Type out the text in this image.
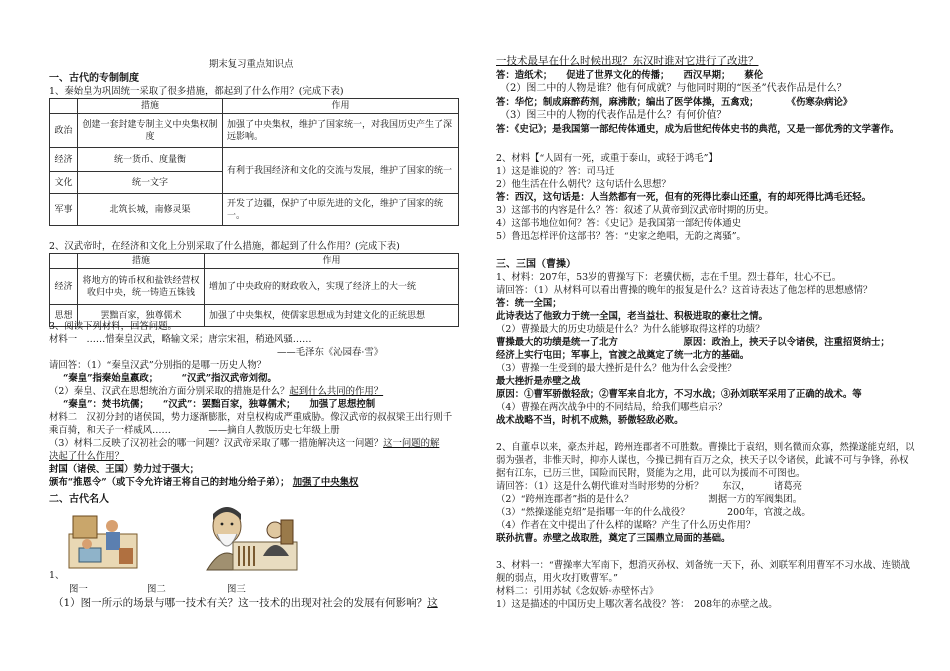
期末复习重点知识点
一、古代的专制制度
1、秦始皇为巩固统一采取了很多措施，都起到了什么作用？(完成下表)
	措施	作用
政治	创建一套封建专制主义中央集权制度	加强了中央集权，维护了国家统一，对我国历史产生了深远影响。
经济	统一货币、度量衡	有利于我国经济和文化的交流与发展，维护了国家的统一
文化	统一文字	
军事	北筑长城，南修灵渠	开发了边疆，保护了中原先进的文化，维护了国家的统一。
2、汉武帝时，在经济和文化上分别采取了什么措施，都起到了什么作用？(完成下表)
	措施	作用
经济	将地方的铸币权和盐铁经营权收归中央，统一铸造五铢钱	增加了中央政府的财政收入，实现了经济上的大一统
思想	罢黜百家，独尊儒术	加强了中央集权，使儒家思想成为封建文化的正统思想
3、阅读下列材料，回答问题。
材料一　……惜秦皇汉武，略输文采；唐宗宋祖，稍逊风骚……
——毛泽东《沁园春·雪》
请回答：（1）“秦皇汉武”分别指的是哪一历史人物？
“秦皇”指秦始皇嬴政；　　　“汉武”指汉武帝刘彻。
（2）秦皇、汉武在思想统治方面分别采取的措施是什么？起到什么共同的作用？
“秦皇”：焚书坑儒；　　“汉武”：罢黜百家，独尊儒术；　　加强了思想控制
材料二　汉初分封的诸侯国，势力逐渐膨胀，对皇权构成严重威胁。像汉武帝的叔叔梁王出行则千
乘百骑，和天子一样威风……　　　　——摘自人教版历史七年级上册
（3）材料二反映了汉初社会的哪一问题？汉武帝采取了哪一措施解决这一问题？这一问题的解
决起了什么作用？
封国（诸侯、王国）势力过于强大；
颁布“推恩令”（或下令允许诸王将自己的封地分给子弟）； 加强了中央集权
二、古代名人
1、
图一	图二	图三
（1）图一所示的场景与哪一技术有关？这一技术的出现对社会的发展有何影响？这
一技术最早在什么时候出现？东汉时谁对它进行了改进？
答：造纸术；　　促进了世界文化的传播；　　西汉早期；　　蔡伦
（2）图二中的人物是谁？他有何成就？与他同时期的“医圣”代表作品是什么？
答：华佗；制成麻醉药剂，麻沸散；编出了医学体操，五禽戏；　　　　《伤寒杂病论》
（3）图三中的人物的代表作品是什么？有何价值？
答：《史记》；是我国第一部纪传体通史，成为后世纪传体史书的典范，又是一部优秀的文学著作。
2、材料【“人固有一死，或重于泰山，或轻于鸿毛”】
1）这是谁说的？答：司马迁
2）他生活在什么朝代？这句话什么思想？
答：西汉，这句话是：人当然都有一死，但有的死得比泰山还重，有的却死得比鸿毛还轻。
3）这部书的内容是什么？答：叙述了从黄帝到汉武帝时期的历史。
4）这部书地位如何？答：《史记》是我国第一部纪传体通史
5）鲁迅怎样评价这部书？答：“史家之绝唱，无韵之离骚”。
三、三国（曹操）
1、材料：207年，53岁的曹操写下：老骥伏枥，志在千里。烈士暮年，壮心不已。
请回答：（1）从材料可以看出曹操的晚年的报复是什么？这首诗表达了他怎样的思想感情？
答：统一全国；
此诗表达了他致力于统一全国，老当益壮、积极进取的豪壮之情。
（2）曹操最大的历史功绩是什么？为什么能够取得这样的功绩？
曹操最大的功绩是统一了北方　　　　　　　原因：政治上，挟天子以令诸侯，注重招贤纳士；
经济上实行屯田；军事上，官渡之战奠定了统一北方的基础。
（3）曹操一生受到的最大挫折是什么？他为什么会受挫？
最大挫折是赤壁之战
原因：①曹军骄傲轻敌；②曹军来自北方，不习水战；③孙刘联军采用了正确的战术。等
（4）曹操在两次战争中的不同结局，给我们哪些启示？
战术战略不当，时机不成熟，骄傲轻敌必败。
2、自董卓以来，豪杰并起，跨州连郡者不可胜数。曹操比于袁绍，则名微而众寡，然操遂能克绍，以
弱为强者，非惟天时，抑亦人谋也，今操已拥有百万之众，挟天子以令诸侯，此诚不可与争锋，孙权
据有江东，已历三世，国险而民附，贤能为之用，此可以为援而不可图也。
请回答：（1）这是什么朝代谁对当时形势的分析？　　东汉，　　　诸葛亮
（2）“跨州连郡者”指的是什么？　　　　　　　　割据一方的军阀集团。
（3）“然操遂能克绍”是指哪一年的什么战役？　　　　200年，官渡之战。
（4）作者在文中提出了什么样的谋略？产生了什么历史作用？
联孙抗曹。赤壁之战取胜，奠定了三国鼎立局面的基础。
3、材料一：“曹操率大军南下，想消灭孙权、刘备统一天下，孙、刘联军利用曹军不习水战、连锁战
舰的弱点，用火攻打败曹军。”
材料二：引用苏轼《念奴娇·赤壁怀古》
1）这是描述的中国历史上哪次著名战役？答：　208年的赤壁之战。
